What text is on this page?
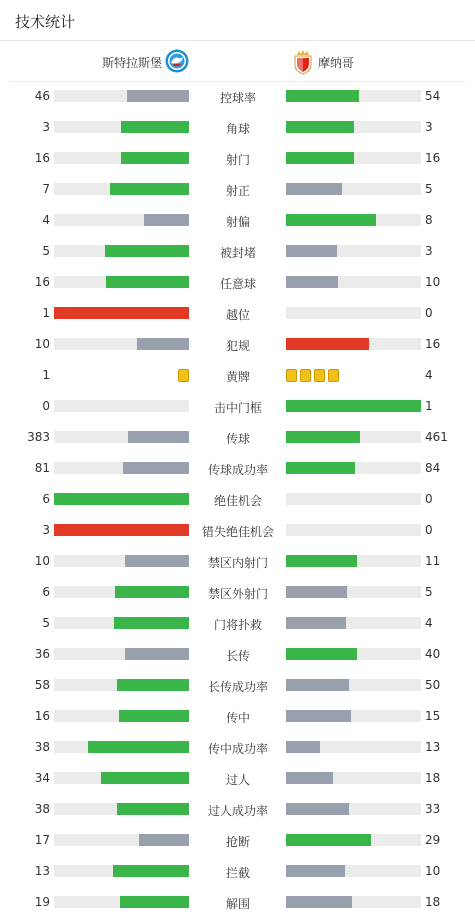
技术统计
斯特拉斯堡	摩纳哥
46	控球率	54
3	角球	3
16	射门	16
7	射正	5
4	射偏	8
5	被封堵	3
16	任意球	10
1	越位	0
10	犯规	16
1	黄牌	4
0	击中门框	1
383	传球	461
81	传球成功率	84
6	绝佳机会	0
3	错失绝佳机会	0
10	禁区内射门	11
6	禁区外射门	5
5	门将扑救	4
36	长传	40
58	长传成功率	50
16	传中	15
38	传中成功率	13
34	过人	18
38	过人成功率	33
17	抢断	29
13	拦截	10
19	解围	18
